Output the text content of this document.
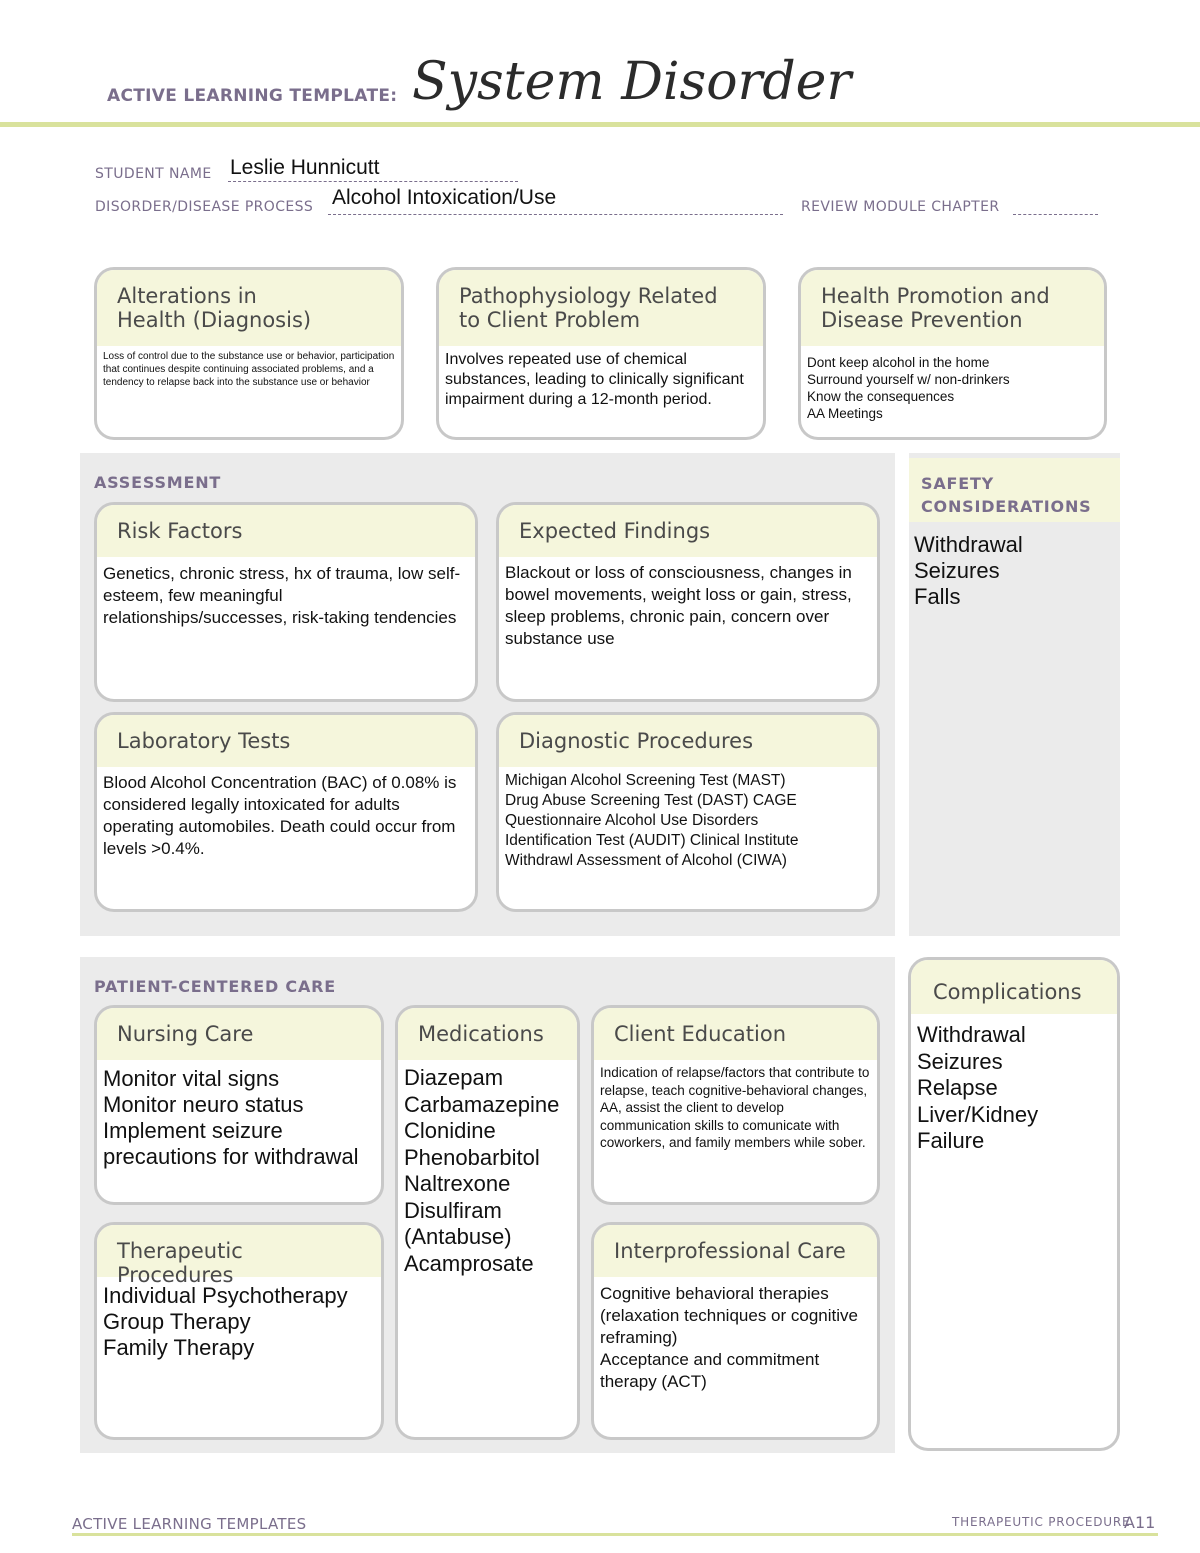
ACTIVE LEARNING TEMPLATE: System Disorder
STUDENT NAME Leslie Hunnicutt
DISORDER/DISEASE PROCESS Alcohol Intoxication/Use	REVIEW MODULE CHAPTER
Alterations in
Health (Diagnosis)
Loss of control due to the substance use or behavior, participation that continues despite continuing associated problems, and a tendency to relapse back into the substance use or behavior
Pathophysiology Related
to Client Problem
Involves repeated use of chemical substances, leading to clinically significant impairment during a 12-month period.
Health Promotion and
Disease Prevention
Dont keep alcohol in the home
Surround yourself w/ non-drinkers
Know the consequences
AA Meetings
ASSESSMENT
Risk Factors
Genetics, chronic stress, hx of trauma, low self-esteem, few meaningful relationships/successes, risk-taking tendencies
Expected Findings
Blackout or loss of consciousness, changes in bowel movements, weight loss or gain, stress, sleep problems, chronic pain, concern over substance use
Laboratory Tests
Blood Alcohol Concentration (BAC) of 0.08% is considered legally intoxicated for adults operating automobiles. Death could occur from levels >0.4%.
Diagnostic Procedures
Michigan Alcohol Screening Test (MAST)
Drug Abuse Screening Test (DAST) CAGE
Questionnaire Alcohol Use Disorders
Identification Test (AUDIT) Clinical Institute
Withdrawl Assessment of Alcohol (CIWA)
SAFETY
CONSIDERATIONS
Withdrawal
Seizures
Falls
PATIENT-CENTERED CARE
Nursing Care
Monitor vital signs
Monitor neuro status
Implement seizure
precautions for withdrawal
Medications
Diazepam
Carbamazepine
Clonidine
Phenobarbitol
Naltrexone
Disulfiram
(Antabuse)
Acamprosate
Client Education
Indication of relapse/factors that contribute to relapse, teach cognitive-behavioral changes, AA, assist the client to develop communication skills to comunicate with coworkers, and family members while sober.
Therapeutic Procedures
Individual Psychotherapy
Group Therapy
Family Therapy
Interprofessional Care
Cognitive behavioral therapies (relaxation techniques or cognitive reframing)
Acceptance and commitment therapy (ACT)
Complications
Withdrawal
Seizures
Relapse
Liver/Kidney
Failure
ACTIVE LEARNING TEMPLATES	THERAPEUTIC PROCEDURE
A11
